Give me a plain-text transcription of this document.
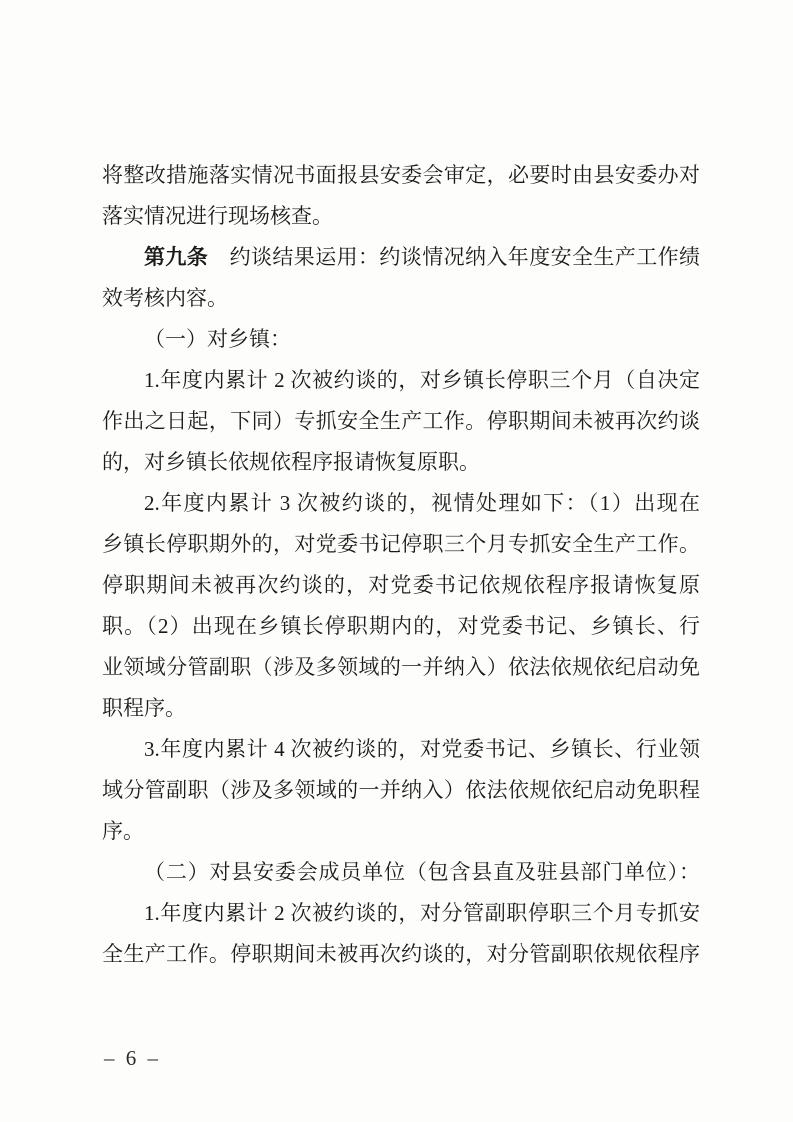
将整改措施落实情况书面报县安委会审定，必要时由县安委办对
落实情况进行现场核查。
第九条　约谈结果运用：约谈情况纳入年度安全生产工作绩
效考核内容。
（一）对乡镇：
1.年度内累计 2 次被约谈的，对乡镇长停职三个月（自决定
作出之日起，下同）专抓安全生产工作。停职期间未被再次约谈
的，对乡镇长依规依程序报请恢复原职。
2.年度内累计 3 次被约谈的，视情处理如下：（1）出现在
乡镇长停职期外的，对党委书记停职三个月专抓安全生产工作。
停职期间未被再次约谈的，对党委书记依规依程序报请恢复原
职。（2）出现在乡镇长停职期内的，对党委书记、乡镇长、行
业领域分管副职（涉及多领域的一并纳入）依法依规依纪启动免
职程序。
3.年度内累计 4 次被约谈的，对党委书记、乡镇长、行业领
域分管副职（涉及多领域的一并纳入）依法依规依纪启动免职程
序。
（二）对县安委会成员单位（包含县直及驻县部门单位）：
1.年度内累计 2 次被约谈的，对分管副职停职三个月专抓安
全生产工作。停职期间未被再次约谈的，对分管副职依规依程序
– 6 –
